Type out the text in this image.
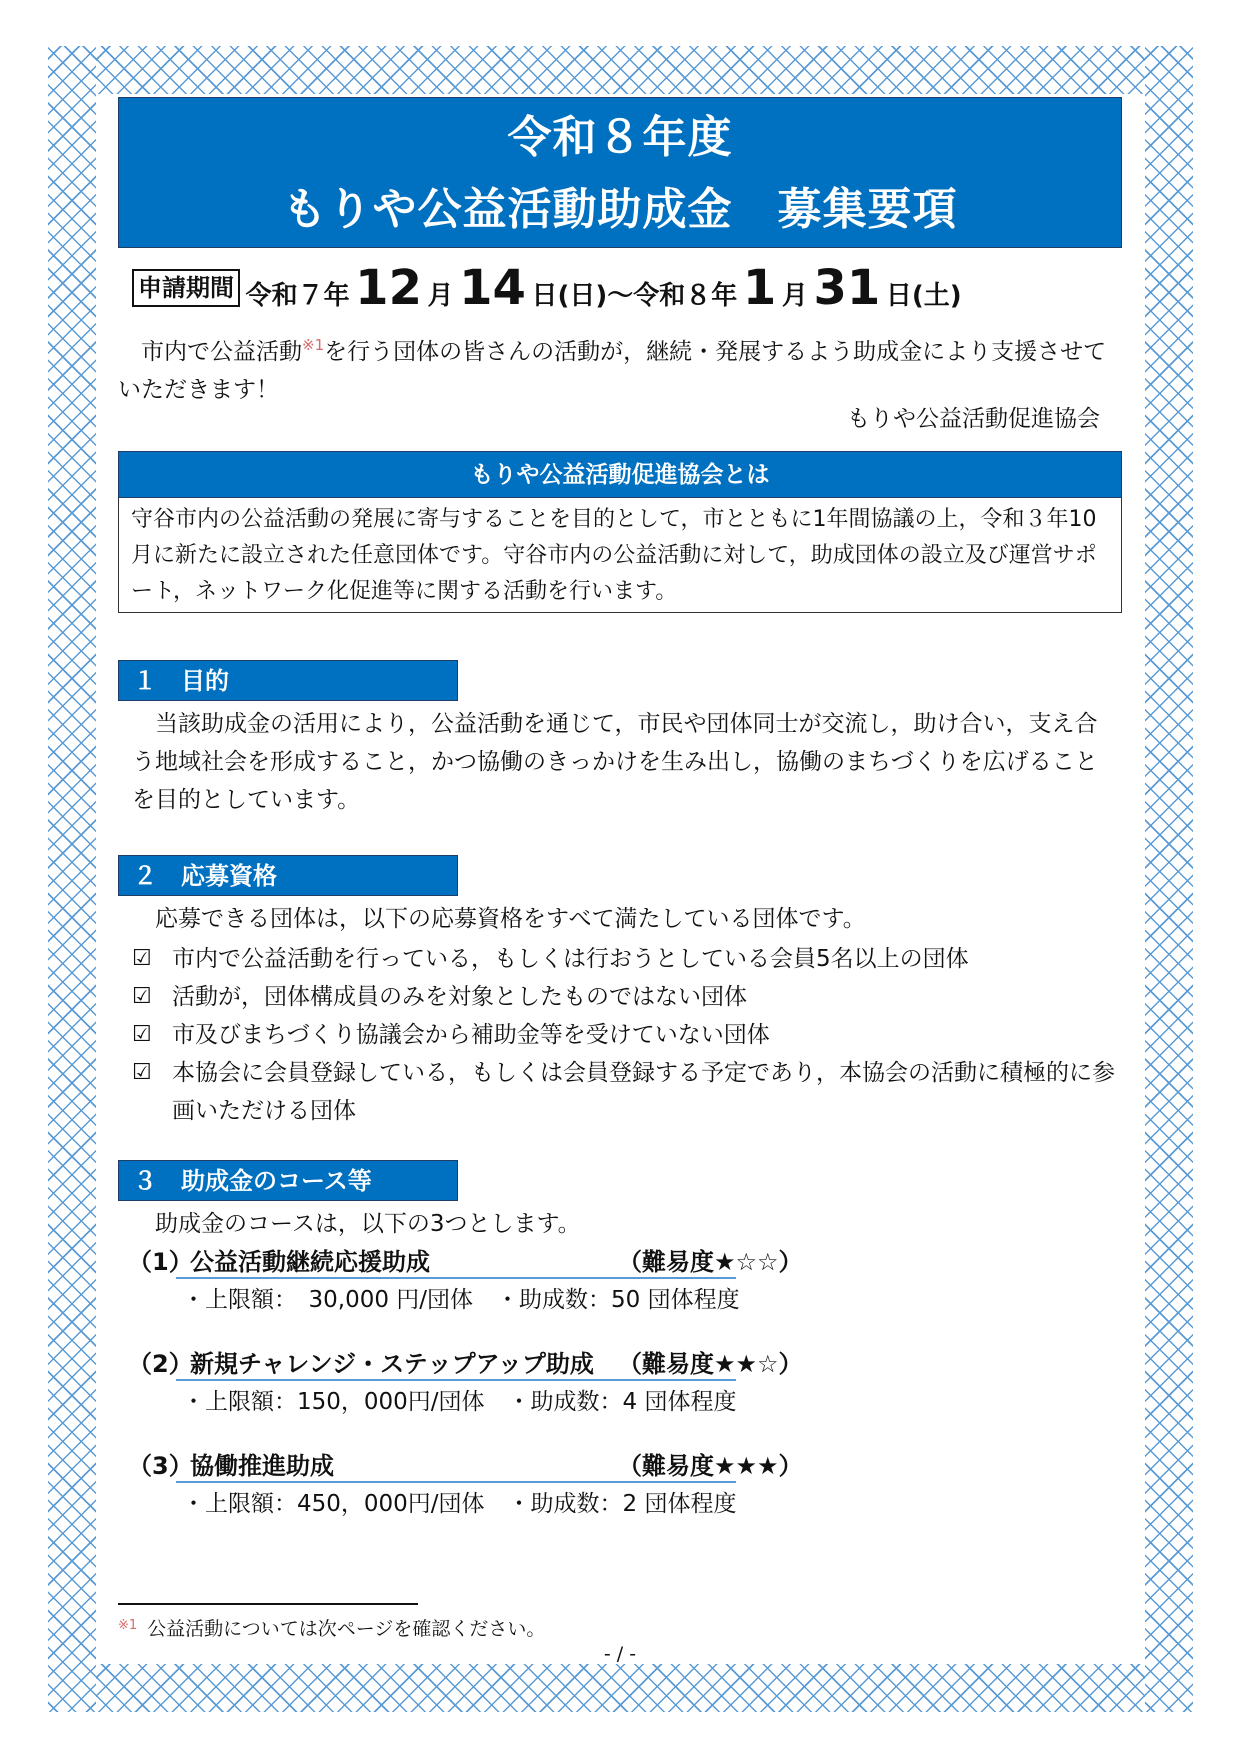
令和８年度
もりや公益活動助成金　募集要項
申請期間 令和７年 12 月 14 日(日)～令和８年 1 月 31 日(土)
　市内で公益活動$^{※1}$を行う団体の皆さんの活動が，継続・発展するよう助成金により支援させていただきます！
もりや公益活動促進協会
もりや公益活動促進協会とは
守谷市内の公益活動の発展に寄与することを目的として，市とともに1年間協議の上，令和３年10月に新たに設立された任意団体です。守谷市内の公益活動に対して，助成団体の設立及び運営サポート，ネットワーク化促進等に関する活動を行います。
１　目的
　当該助成金の活用により，公益活動を通じて，市民や団体同士が交流し，助け合い，支え合う地域社会を形成すること，かつ協働のきっかけを生み出し，協働のまちづくりを広げることを目的としています。
２　応募資格
　応募できる団体は，以下の応募資格をすべて満たしている団体です。
☑ 市内で公益活動を行っている，もしくは行おうとしている会員5名以上の団体
☑ 活動が，団体構成員のみを対象としたものではない団体
☑ 市及びまちづくり協議会から補助金等を受けていない団体
☑ 本協会に会員登録している，もしくは会員登録する予定であり，本協会の活動に積極的に参画いただける団体
３　助成金のコース等
　助成金のコースは，以下の3つとします。
（1）公益活動継続応援助成	（難易度★☆☆）
・上限額：　30,000 円/団体　・助成数：50 団体程度
（2）新規チャレンジ・ステップアップ助成 （難易度★★☆）
・上限額：150，000円/団体　・助成数：4 団体程度
（3）協働推進助成	（難易度★★★）
・上限額：450，000円/団体　・助成数：2 団体程度
$^{※1}$ 公益活動については次ページを確認ください。
- / -
